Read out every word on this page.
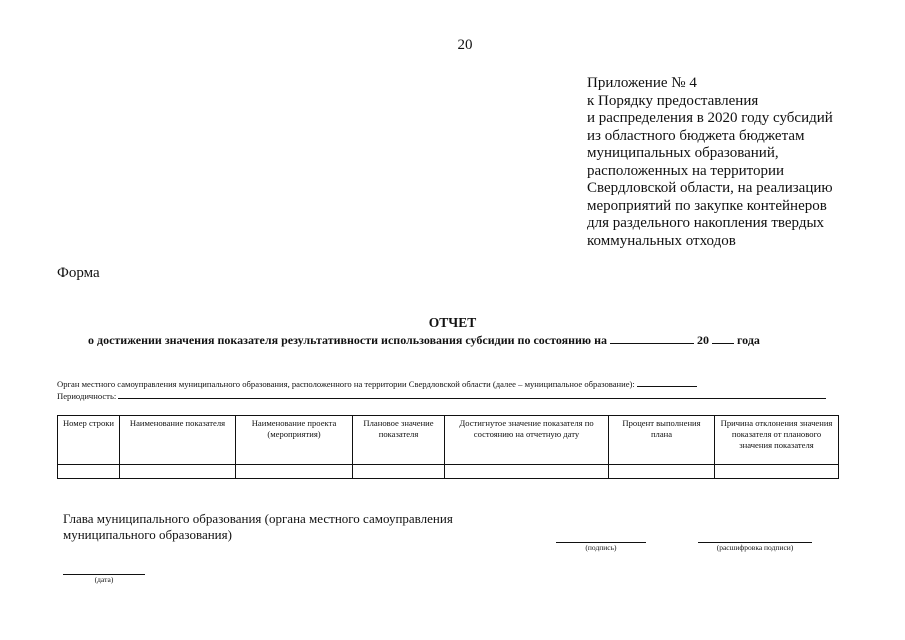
20
Приложение № 4
к Порядку предоставления
и распределения в 2020 году субсидий
из областного бюджета бюджетам
муниципальных образований,
расположенных на территории
Свердловской области, на реализацию
мероприятий по закупке контейнеров
для раздельного накопления твердых
коммунальных отходов
Форма
ОТЧЕТ
о достижении значения показателя результативности использования субсидии по состоянию на	20 года
Орган местного самоуправления муниципального образования, расположенного на территории Свердловской области (далее – муниципальное образование):
Периодичность:
Номер строки	Наименование показателя	Наименование проекта (мероприятия)	Плановое значение показателя	Достигнутое значение показателя по состоянию на отчетную дату	Процент выполнения плана	Причина отклонения значения показателя от планового значения показателя

Глава муниципального образования (органа местного самоуправления
муниципального образования)
(подпись)	(расшифровка подписи)
(дата)
